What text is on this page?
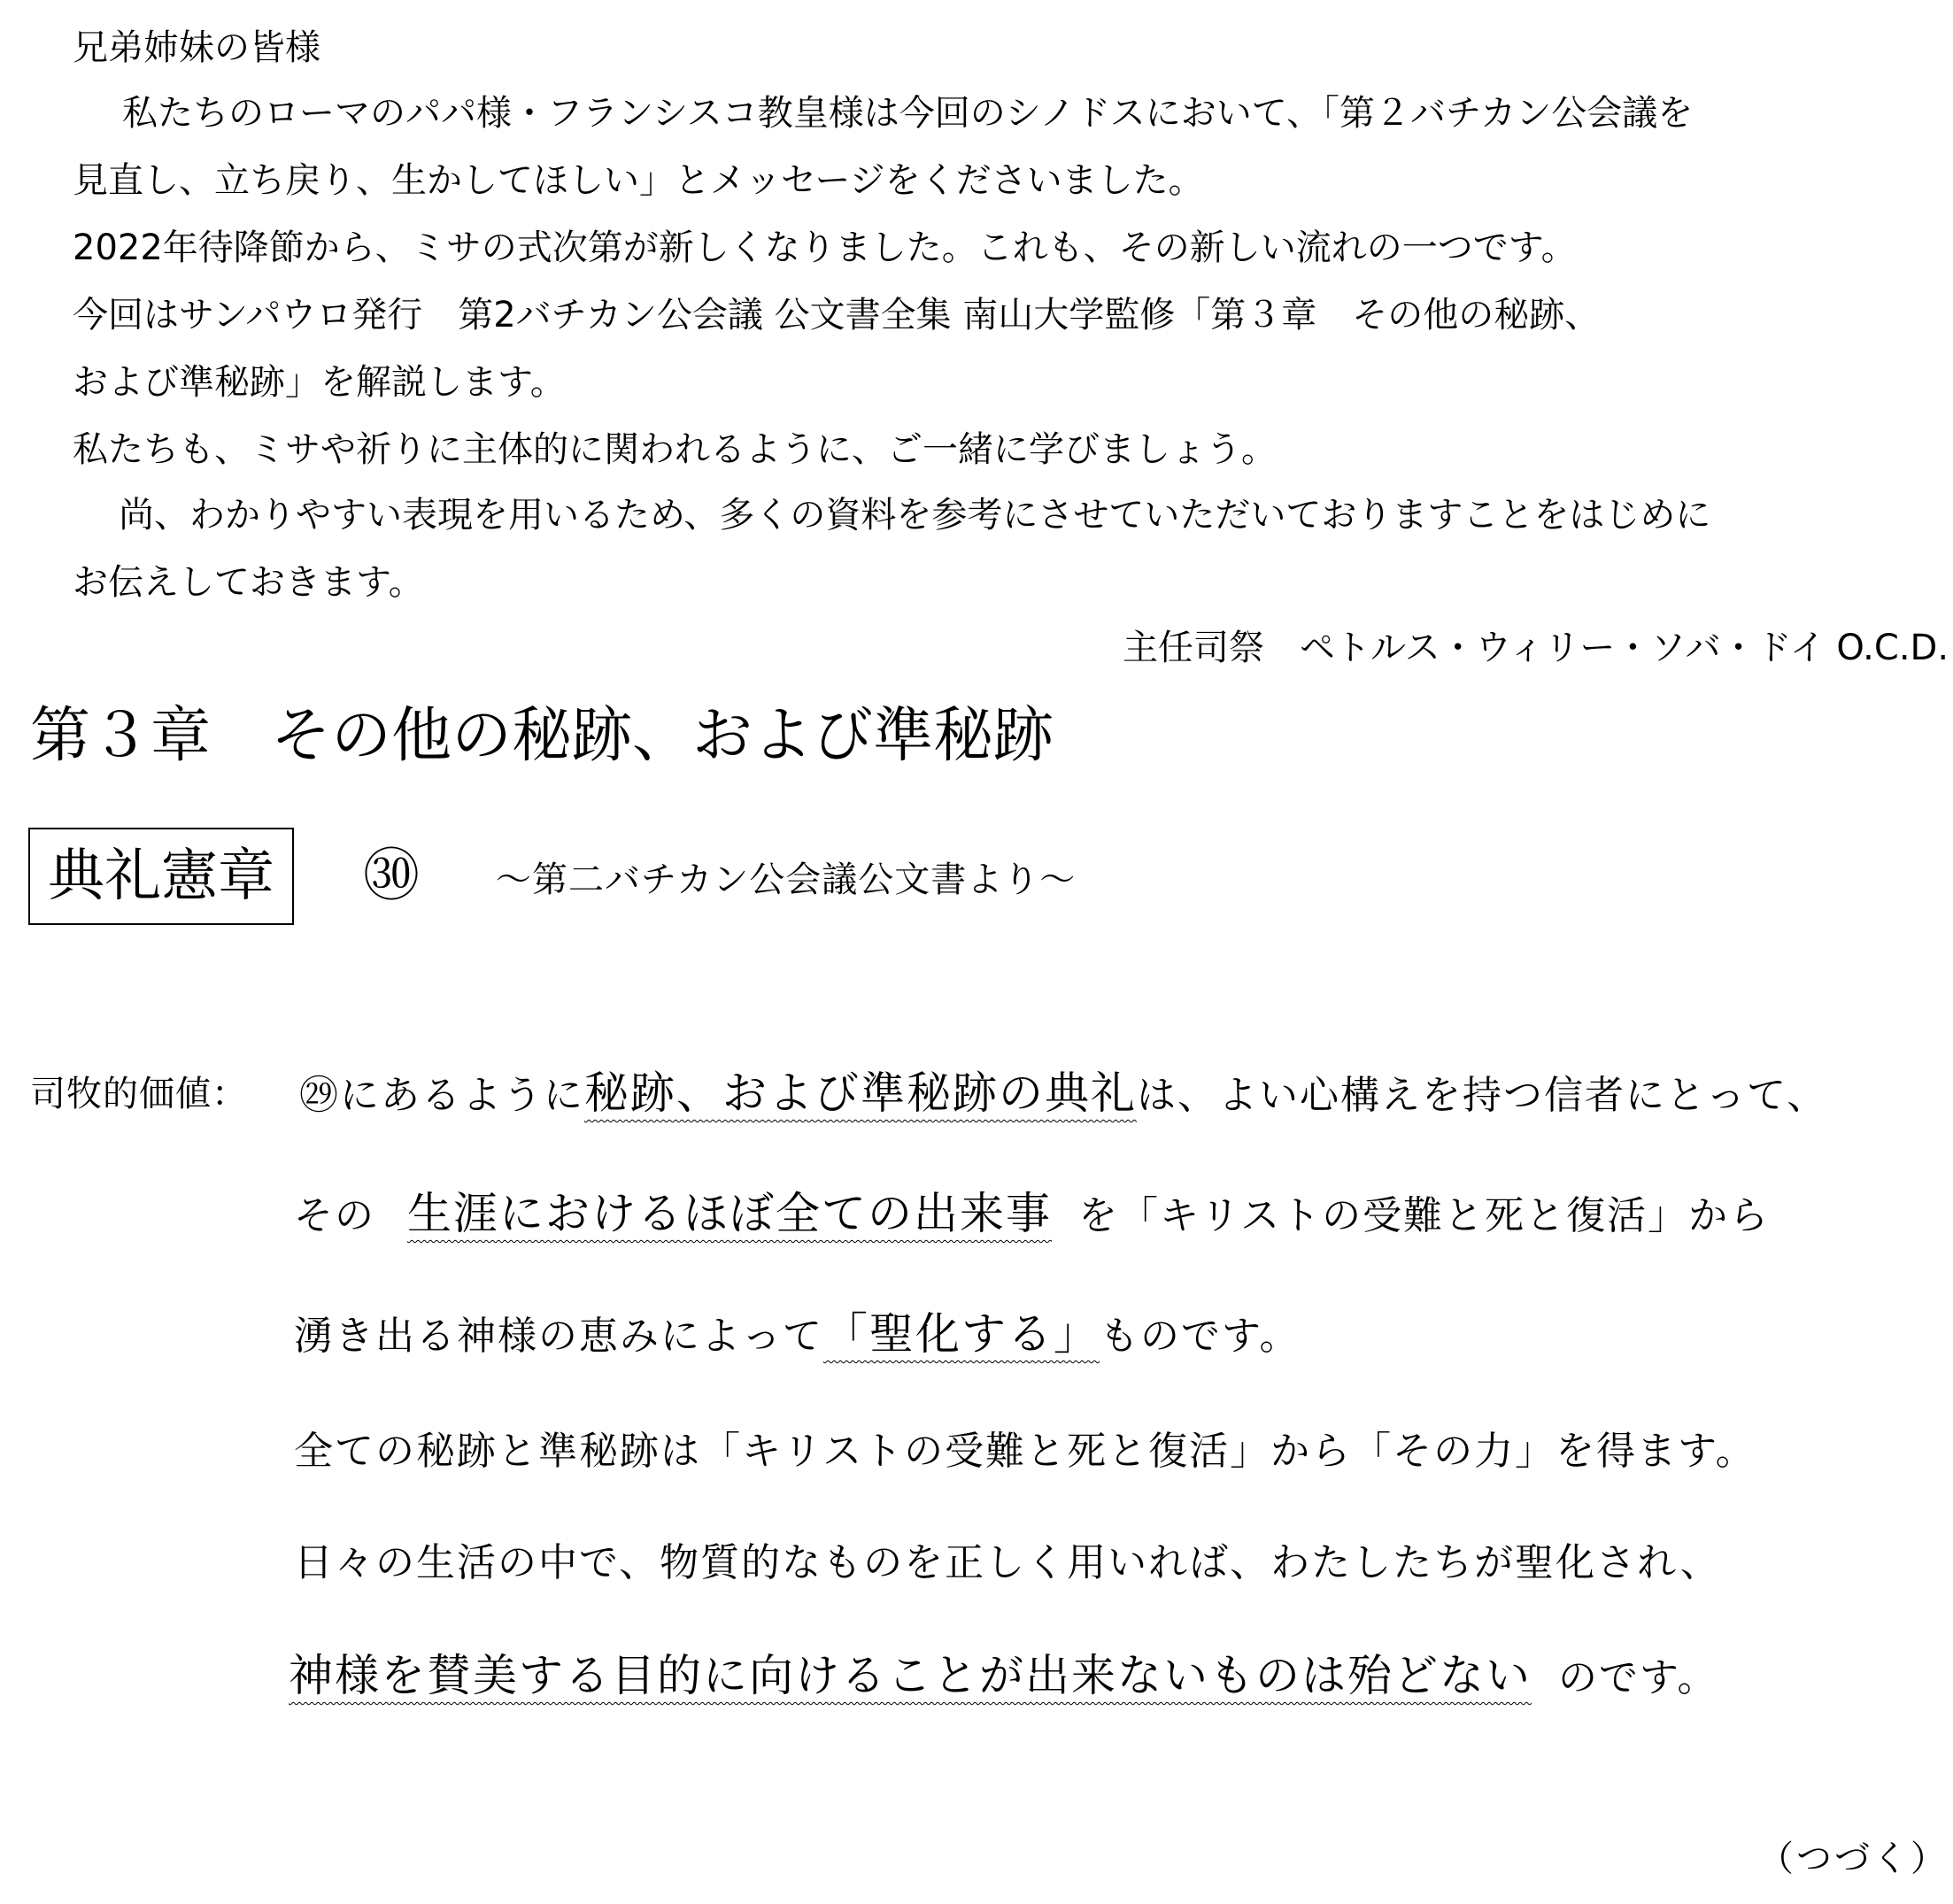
兄弟姉妹の皆様
私たちのローマのパパ様・フランシスコ教皇様は今回のシノドスにおいて、「第２バチカン公会議を
見直し、立ち戻り、生かしてほしい」とメッセージをくださいました。
2022年待降節から、ミサの式次第が新しくなりました。これも、その新しい流れの一つです。
今回はサンパウロ発行　第2バチカン公会議 公文書全集 南山大学監修「第３章　その他の秘跡、
および準秘跡」を解説します。
私たちも、ミサや祈りに主体的に関われるように、ご一緒に学びましょう。
尚、わかりやすい表現を用いるため、多くの資料を参考にさせていただいておりますことをはじめに
お伝えしておきます。
主任司祭　ペトルス・ウィリー・ソバ・ドイ O.C.D.
第３章　その他の秘跡、および準秘跡
典礼憲章 ㉚ ～第二バチカン公会議公文書より～
司牧的価値： ㉙にあるように秘跡、および準秘跡の典礼は、よい心構えを持つ信者にとって、
その 生涯におけるほぼ全ての出来事 を「キリストの受難と死と復活」から
湧き出る神様の恵みによって「聖化する」ものです。
全ての秘跡と準秘跡は「キリストの受難と死と復活」から「その力」を得ます。
日々の生活の中で、物質的なものを正しく用いれば、わたしたちが聖化され、
神様を賛美する目的に向けることが出来ないものは殆どない のです。
（つづく）
